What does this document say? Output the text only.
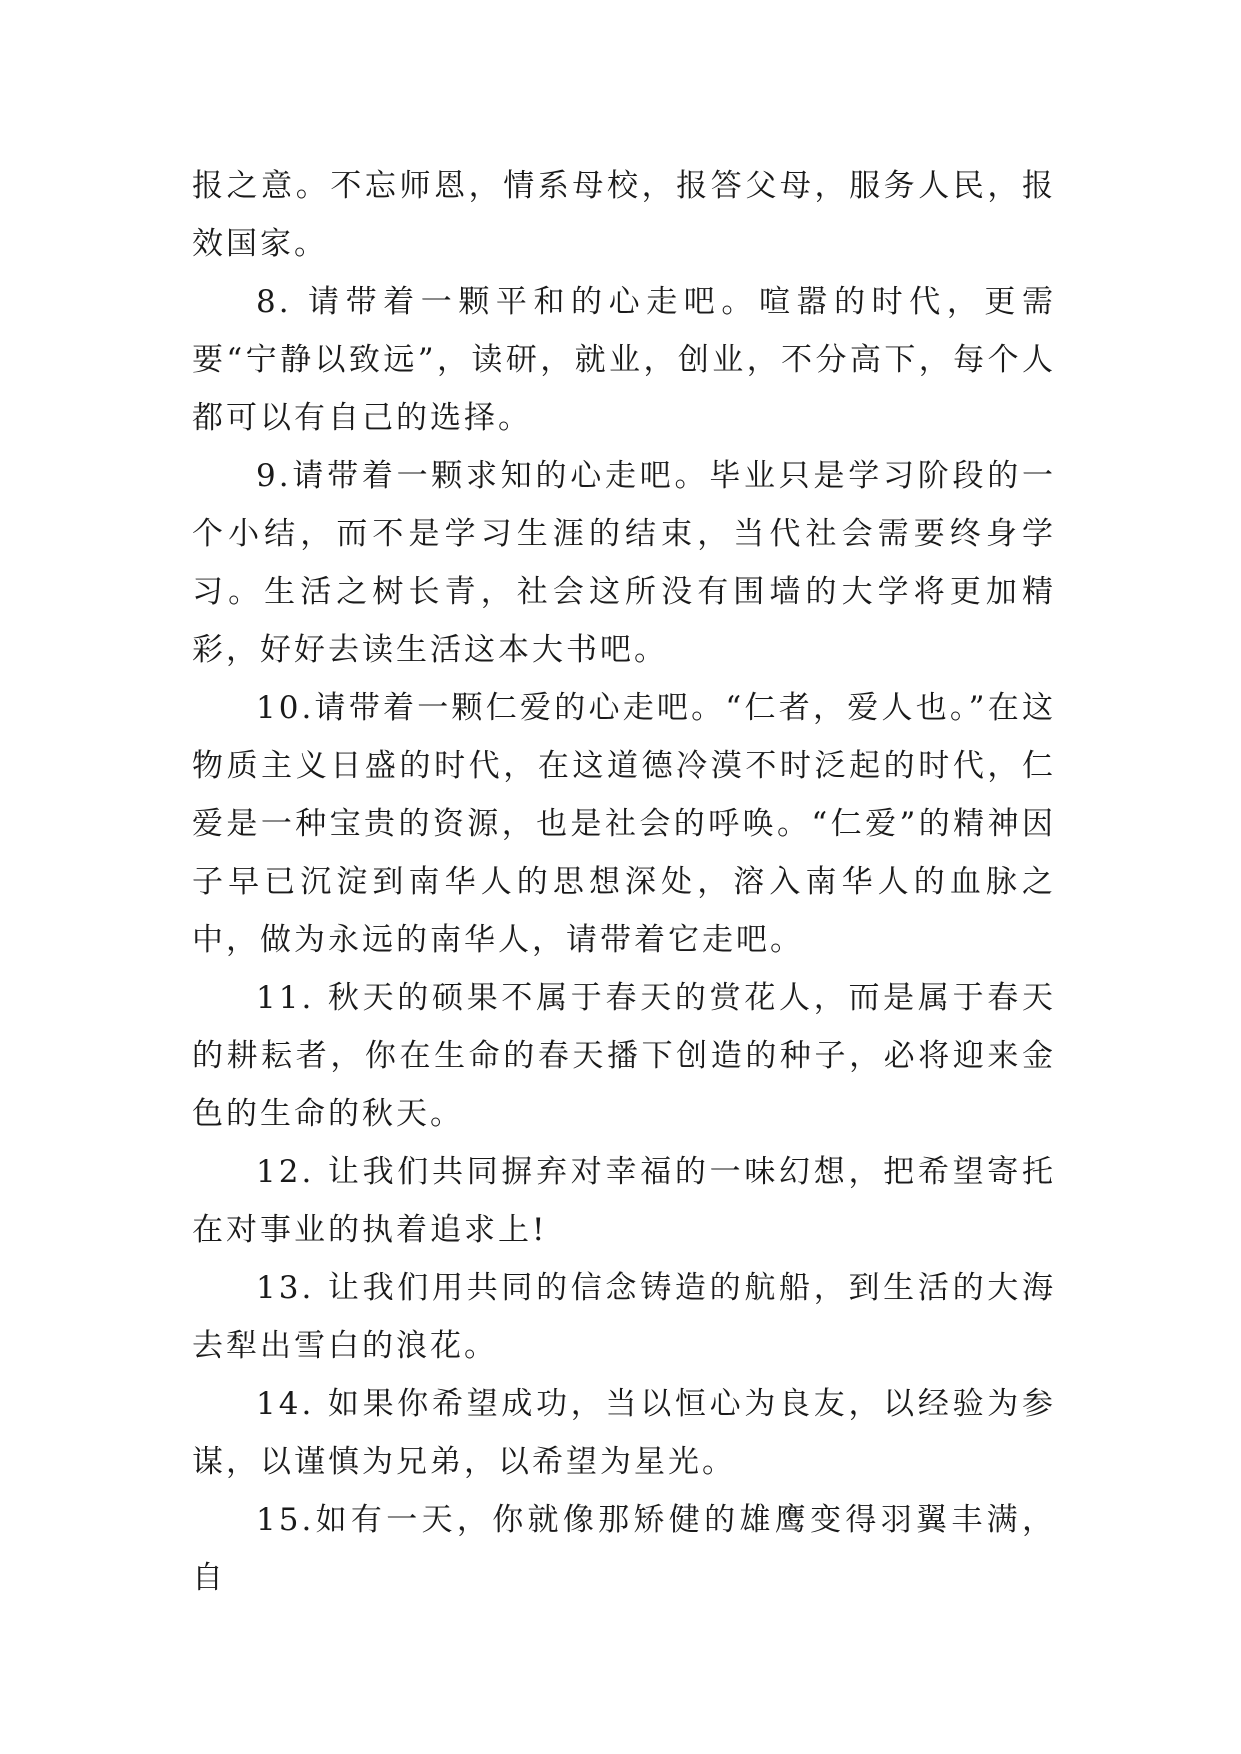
报之意。不忘师恩，情系母校，报答父母，服务人民，报效国家。

8. 请带着一颗平和的心走吧。喧嚣的时代，更需要“宁静以致远”，读研，就业，创业，不分高下，每个人都可以有自己的选择。

9.请带着一颗求知的心走吧。毕业只是学习阶段的一个小结，而不是学习生涯的结束，当代社会需要终身学习。生活之树长青，社会这所没有围墙的大学将更加精彩，好好去读生活这本大书吧。

10.请带着一颗仁爱的心走吧。“仁者，爱人也。”在这物质主义日盛的时代，在这道德冷漠不时泛起的时代，仁爱是一种宝贵的资源，也是社会的呼唤。“仁爱”的精神因子早已沉淀到南华人的思想深处，溶入南华人的血脉之中，做为永远的南华人，请带着它走吧。

11. 秋天的硕果不属于春天的赏花人，而是属于春天的耕耘者，你在生命的春天播下创造的种子，必将迎来金色的生命的秋天。

12. 让我们共同摒弃对幸福的一味幻想，把希望寄托在对事业的执着追求上!

13. 让我们用共同的信念铸造的航船，到生活的大海去犁出雪白的浪花。

14. 如果你希望成功，当以恒心为良友，以经验为参谋，以谨慎为兄弟，以希望为星光。

15.如有一天，你就像那矫健的雄鹰变得羽翼丰满，自
